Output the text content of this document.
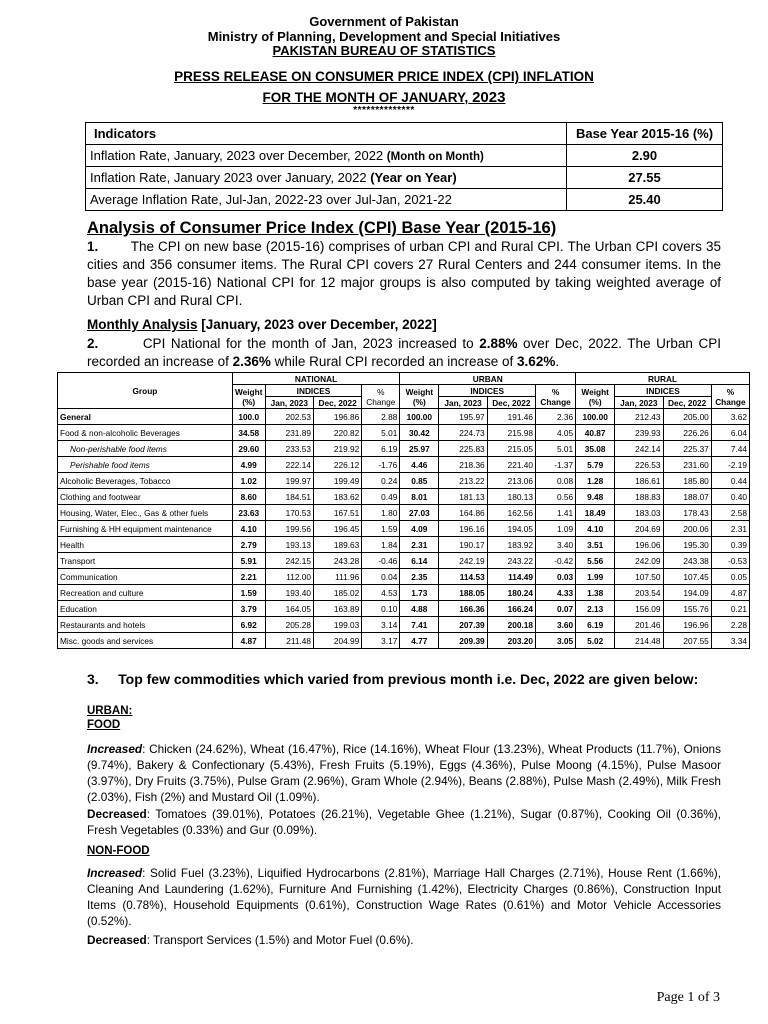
Government of Pakistan
Ministry of Planning, Development and Special Initiatives
PAKISTAN BUREAU OF STATISTICS
PRESS RELEASE ON CONSUMER PRICE INDEX (CPI) INFLATION
FOR THE MONTH OF JANUARY, 2023
**************
Indicators	Base Year 2015-16 (%)
Inflation Rate, January, 2023 over December, 2022 (Month on Month)	2.90
Inflation Rate, January 2023 over January, 2022 (Year on Year)	27.55
Average Inflation Rate, Jul-Jan, 2022-23 over Jul-Jan, 2021-22	25.40
Analysis of Consumer Price Index (CPI) Base Year (2015-16)
1. The CPI on new base (2015-16) comprises of urban CPI and Rural CPI. The Urban CPI covers 35 cities and 356 consumer items. The Rural CPI covers 27 Rural Centers and 244 consumer items. In the base year (2015-16) National CPI for 12 major groups is also computed by taking weighted average of Urban CPI and Rural CPI.
Monthly Analysis [January, 2023 over December, 2022]
2.	CPI National for the month of Jan, 2023 increased to 2.88% over Dec, 2022. The Urban CPI recorded an increase of 2.36% while Rural CPI recorded an increase of 3.62%.
Group	NATIONAL				URBAN				RURAL			
	Weight (%)	INDICES		% Change	Weight (%)	INDICES		% Change	Weight (%)	INDICES		% Change
		Jan, 2023	Dec, 2022			Jan, 2023	Dec, 2022			Jan, 2023	Dec, 2022	
General	100.0	202.53	196.86	2.88	100.00	195.97	191.46	2.36	100.00	212.43	205.00	3.62
Food & non-alcoholic Beverages	34.58	231.89	220.82	5.01	30.42	224.73	215.98	4.05	40.87	239.93	226.26	6.04
Non-perishable food items	29.60	233.53	219.92	6.19	25.97	225.83	215.05	5.01	35.08	242.14	225.37	7.44
Perishable food items	4.99	222.14	226.12	-1.76	4.46	218.36	221.40	-1.37	5.79	226.53	231.60	-2.19
Alcoholic Beverages, Tobacco	1.02	199.97	199.49	0.24	0.85	213.22	213.06	0.08	1.28	186.61	185.80	0.44
Clothing and footwear	8.60	184.51	183.62	0.49	8.01	181.13	180.13	0.56	9.48	188.83	188.07	0.40
Housing, Water, Elec., Gas & other fuels	23.63	170.53	167.51	1.80	27.03	164.86	162.56	1.41	18.49	183.03	178.43	2.58
Furnishing & HH equipment maintenance	4.10	199.56	196.45	1.59	4.09	196.16	194.05	1.09	4.10	204.69	200.06	2.31
Health	2.79	193.13	189.63	1.84	2.31	190.17	183.92	3.40	3.51	196.06	195.30	0.39
Transport	5.91	242.15	243.28	-0.46	6.14	242.19	243.22	-0.42	5.56	242.09	243.38	-0.53
Communication	2.21	112.00	111.96	0.04	2.35	114.53	114.49	0.03	1.99	107.50	107.45	0.05
Recreation and culture	1.59	193.40	185.02	4.53	1.73	188.05	180.24	4.33	1.38	203.54	194.09	4.87
Education	3.79	164.05	163.89	0.10	4.88	166.36	166.24	0.07	2.13	156.09	155.76	0.21
Restaurants and hotels	6.92	205.28	199.03	3.14	7.41	207.39	200.18	3.60	6.19	201.46	196.96	2.28
Misc. goods and services	4.87	211.48	204.99	3.17	4.77	209.39	203.20	3.05	5.02	214.48	207.55	3.34
3.     Top few commodities which varied from previous month i.e. Dec, 2022 are given below:
URBAN:
FOOD
Increased: Chicken (24.62%), Wheat (16.47%), Rice (14.16%), Wheat Flour (13.23%), Wheat Products (11.7%), Onions (9.74%), Bakery & Confectionary (5.43%), Fresh Fruits (5.19%), Eggs (4.36%), Pulse Moong (4.15%), Pulse Masoor (3.97%), Dry Fruits (3.75%), Pulse Gram (2.96%), Gram Whole (2.94%), Beans (2.88%), Pulse Mash (2.49%), Milk Fresh (2.03%), Fish (2%) and Mustard Oil (1.09%).
Decreased: Tomatoes (39.01%), Potatoes (26.21%), Vegetable Ghee (1.21%), Sugar (0.87%), Cooking Oil (0.36%), Fresh Vegetables (0.33%) and Gur (0.09%).
NON-FOOD
Increased: Solid Fuel (3.23%), Liquified Hydrocarbons (2.81%), Marriage Hall Charges (2.71%), House Rent (1.66%), Cleaning And Laundering (1.62%), Furniture And Furnishing (1.42%), Electricity Charges (0.86%), Construction Input Items (0.78%), Household Equipments (0.61%), Construction Wage Rates (0.61%) and Motor Vehicle Accessories (0.52%).
Decreased: Transport Services (1.5%) and Motor Fuel (0.6%).
Page 1 of 3
